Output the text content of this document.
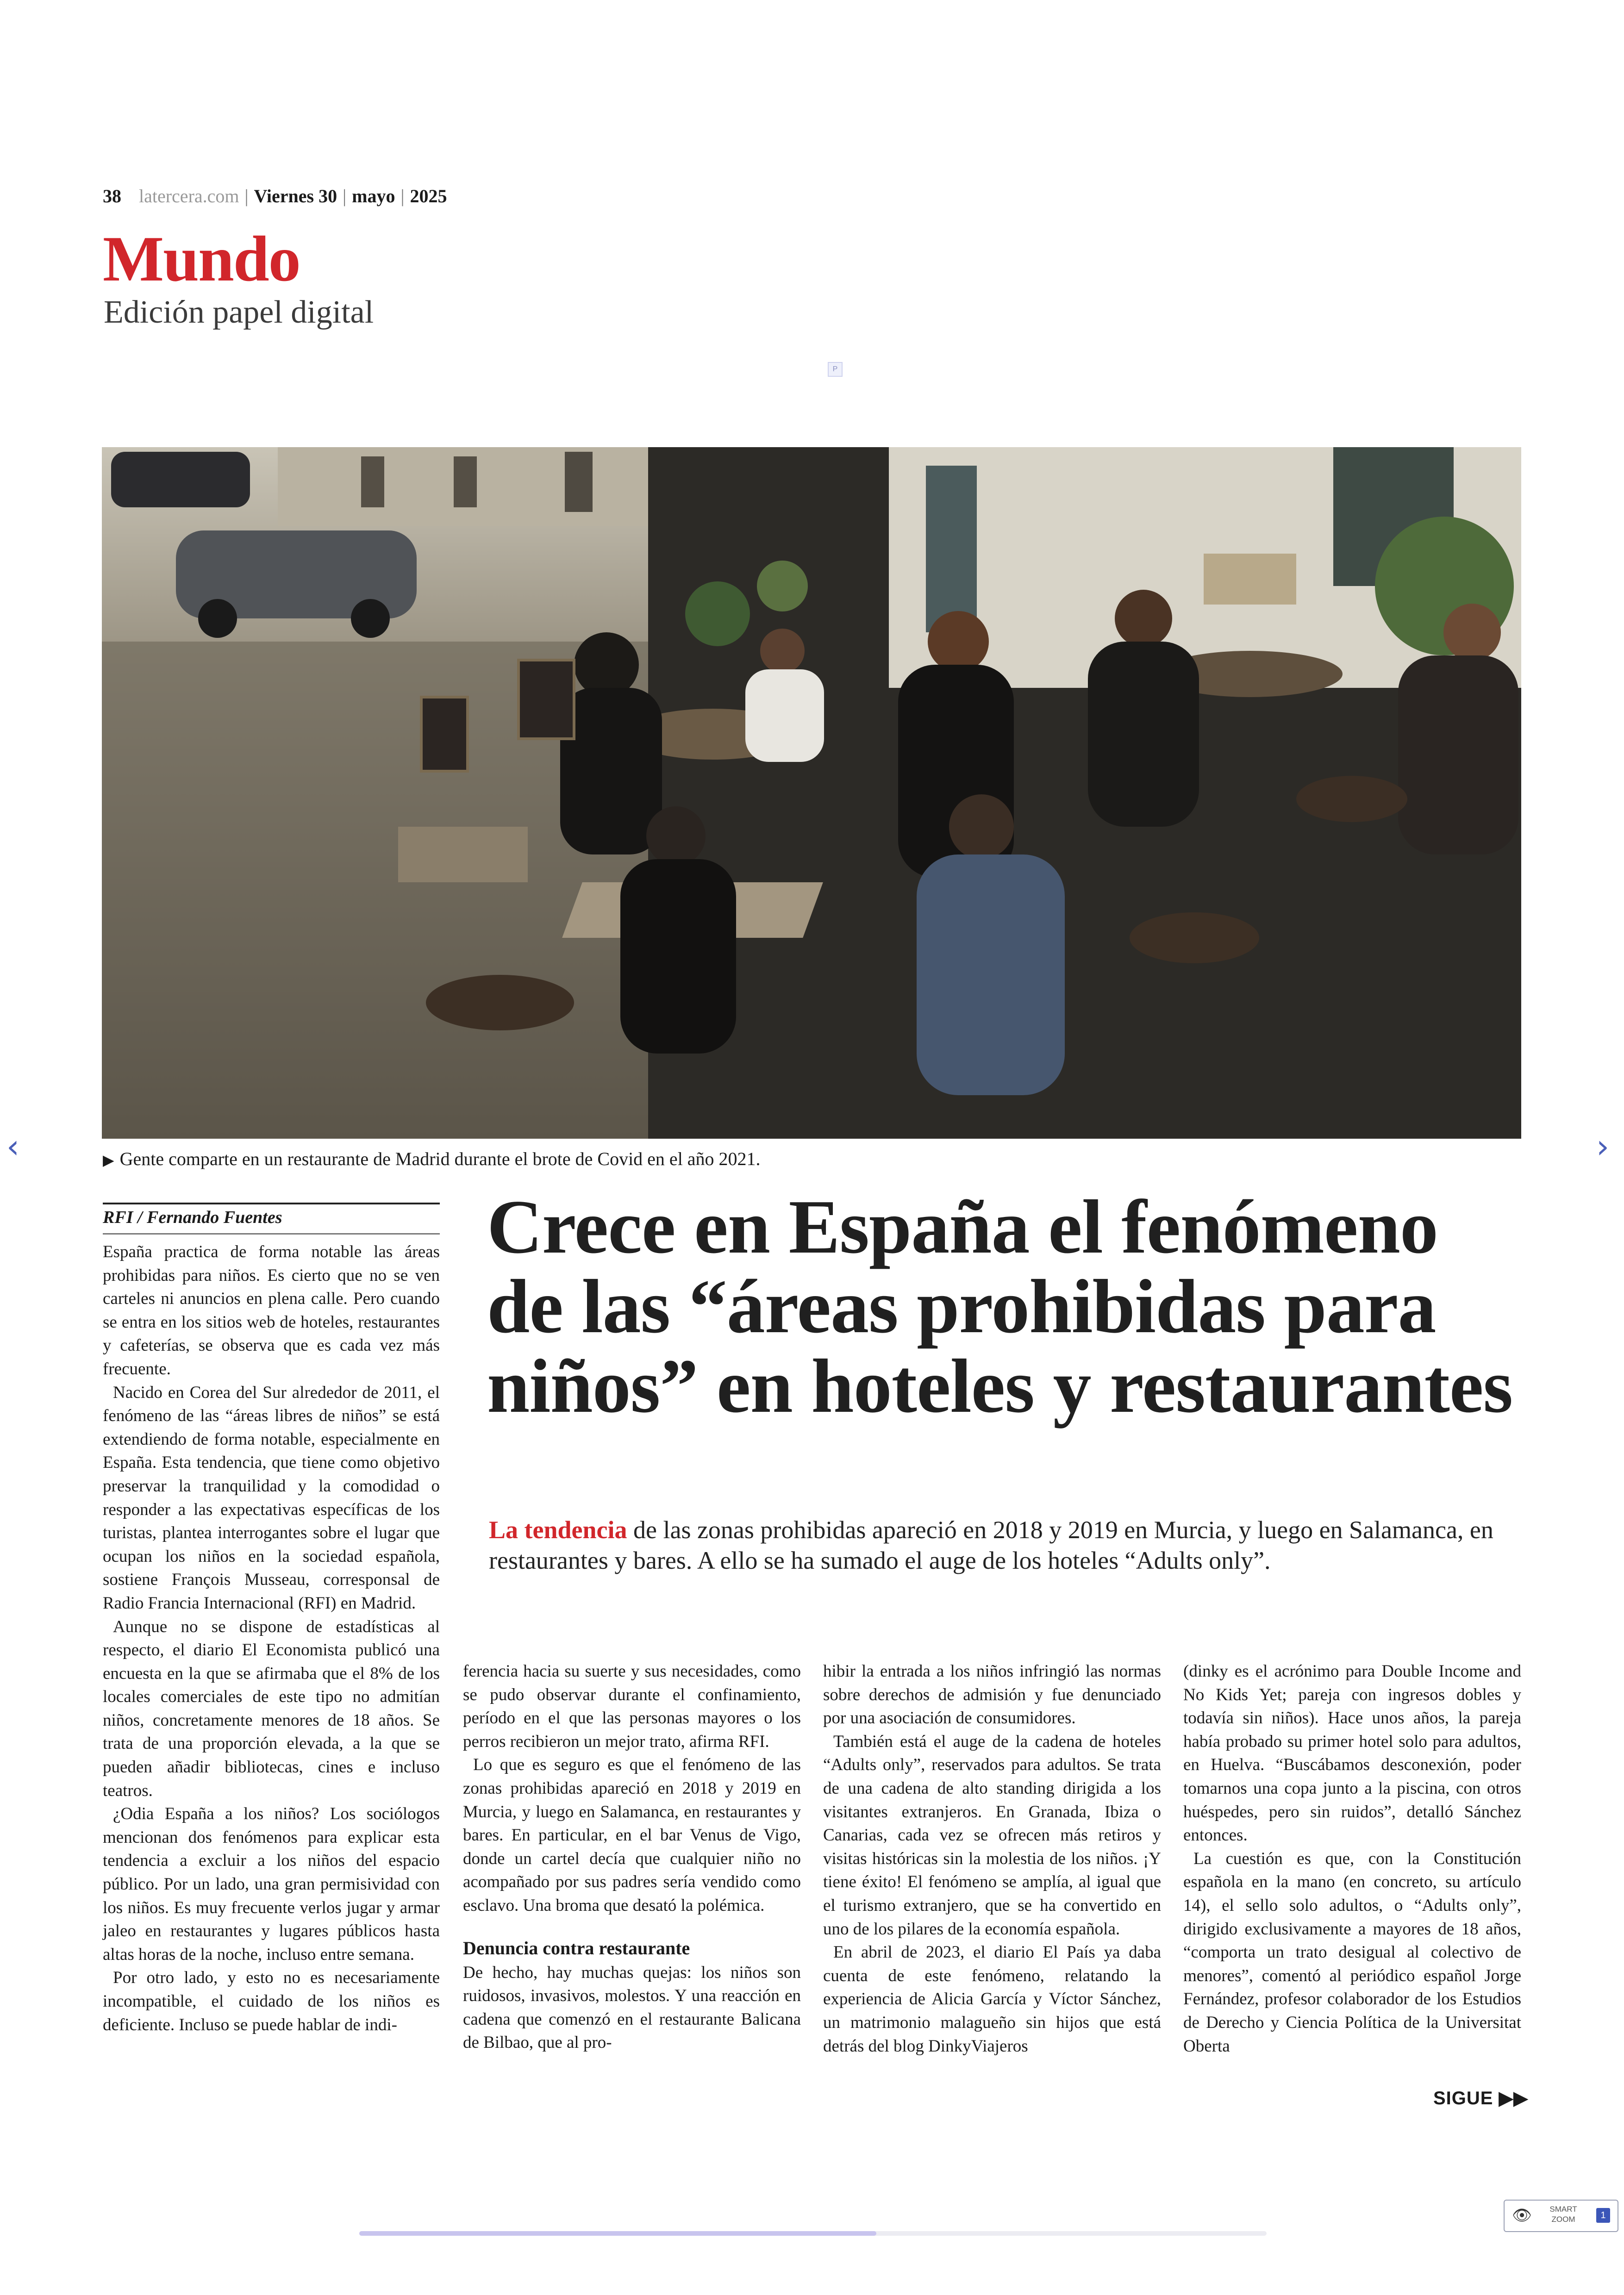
38 latercera.com | Viernes 30 | mayo | 2025
Mundo
Edición papel digital
P
▶ Gente comparte en un restaurante de Madrid durante el brote de Covid en el año 2021.
RFI / Fernando Fuentes	Crece en España el fenómeno de las “áreas prohibidas para niños” en hoteles y restaurantes
La tendencia de las zonas prohibidas apareció en 2018 y 2019 en Murcia, y luego en Salamanca, en restaurantes y bares. A ello se ha sumado el auge de los hoteles “Adults only”.

España practica de forma notable las áreas prohibidas para niños. Es cierto que no se ven carteles ni anuncios en plena calle. Pero cuando se entra en los sitios web de hoteles, restaurantes y cafeterías, se observa que es cada vez más frecuente.

Nacido en Corea del Sur alrededor de 2011, el fenómeno de las “áreas libres de niños” se está extendiendo de forma notable, especialmente en España. Esta tendencia, que tiene como objetivo preservar la tranquilidad y la comodidad o responder a las expectativas específicas de los turistas, plantea interrogantes sobre el lugar que ocupan los niños en la sociedad española, sostiene François Musseau, corresponsal de Radio Francia Internacional (RFI) en Madrid.

Aunque no se dispone de estadísticas al respecto, el diario El Economista publicó una encuesta en la que se afirmaba que el 8% de los locales comerciales de este tipo no admitían niños, concretamente menores de 18 años. Se trata de una proporción elevada, a la que se pueden añadir bibliotecas, cines e incluso teatros.

¿Odia España a los niños? Los sociólogos mencionan dos fenómenos para explicar esta tendencia a excluir a los niños del espacio público. Por un lado, una gran permisividad con los niños. Es muy frecuente verlos jugar y armar jaleo en restaurantes y lugares públicos hasta altas horas de la noche, incluso entre semana.

Por otro lado, y esto no es necesariamente incompatible, el cuidado de los niños es deficiente. Incluso se puede hablar de indi-

ferencia hacia su suerte y sus necesidades, como se pudo observar durante el confinamiento, período en el que las personas mayores o los perros recibieron un mejor trato, afirma RFI.

Lo que es seguro es que el fenómeno de las zonas prohibidas apareció en 2018 y 2019 en Murcia, y luego en Salamanca, en restaurantes y bares. En particular, en el bar Venus de Vigo, donde un cartel decía que cualquier niño no acompañado por sus padres sería vendido como esclavo. Una broma que desató la polémica.

Denuncia contra restaurante

De hecho, hay muchas quejas: los niños son ruidosos, invasivos, molestos. Y una reacción en cadena que comenzó en el restaurante Balicana de Bilbao, que al pro-

hibir la entrada a los niños infringió las normas sobre derechos de admisión y fue denunciado por una asociación de consumidores.

También está el auge de la cadena de hoteles “Adults only”, reservados para adultos. Se trata de una cadena de alto standing dirigida a los visitantes extranjeros. En Granada, Ibiza o Canarias, cada vez se ofrecen más retiros y visitas históricas sin la molestia de los niños. ¡Y tiene éxito! El fenómeno se amplía, al igual que el turismo extranjero, que se ha convertido en uno de los pilares de la economía española.

En abril de 2023, el diario El País ya daba cuenta de este fenómeno, relatando la experiencia de Alicia García y Víctor Sánchez, un matrimonio malagueño sin hijos que está detrás del blog DinkyViajeros

(dinky es el acrónimo para Double Income and No Kids Yet; pareja con ingresos dobles y todavía sin niños). Hace unos años, la pareja había probado su primer hotel solo para adultos, en Huelva. “Buscábamos desconexión, poder tomarnos una copa junto a la piscina, con otros huéspedes, pero sin ruidos”, detalló Sánchez entonces.

La cuestión es que, con la Constitución española en la mano (en concreto, su artículo 14), el sello solo adultos, o “Adults only”, dirigido exclusivamente a mayores de 18 años, “comporta un trato desigual al colectivo de menores”, comentó al periódico español Jorge Fernández, profesor colaborador de los Estudios de Derecho y Ciencia Política de la Universitat Oberta

SIGUE ▶▶
‹	›
👁	SMART ZOOM	1
